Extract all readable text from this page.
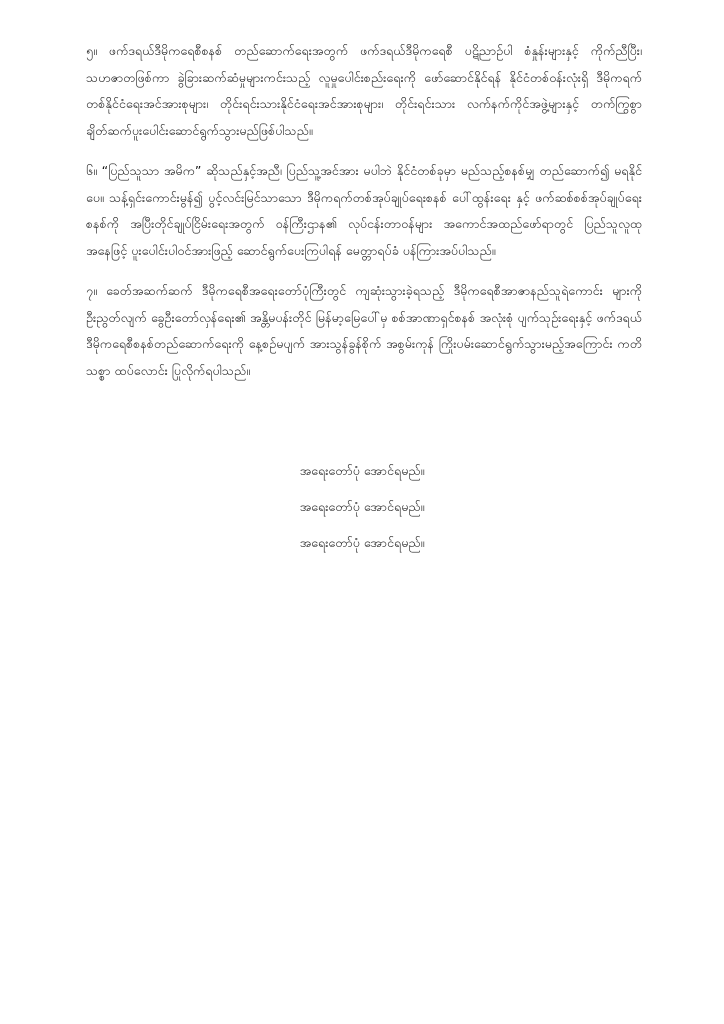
၅။ ဖက်ဒရယ်ဒီမိုကရေစီစနစ် တည်ဆောက်ရေးအတွက် ဖက်ဒရယ်ဒီမိုကရေစီ ပဋိညာဉ်ပါ စံနှုန်းများနှင့် ကိုက်ညီပြီး၊ သဟဇာတဖြစ်ကာ ခွဲခြားဆက်ဆံမှုများကင်းသည့် လူမှုပေါင်းစည်းရေးကို ဖော်ဆောင်နိုင်ရန် နိုင်ငံတစ်ဝန်းလုံးရှိ ဒီမိုကရက်တစ်နိုင်ငံရေးအင်အားစုများ၊ တိုင်းရင်းသားနိုင်ငံရေးအင်အားစုများ၊ တိုင်းရင်းသား လက်နက်ကိုင်အဖွဲ့များနှင့် တက်ကြွစွာ ချိတ်ဆက်ပူးပေါင်းဆောင်ရွက်သွားမည်ဖြစ်ပါသည်။

၆။ “ပြည်သူသာ အမိက” ဆိုသည်နှင့်အညီ၊ ပြည်သူ့အင်အား မပါဘဲ နိုင်ငံတစ်ခုမှာ မည်သည့်စနစ်မျှ တည်ဆောက်၍ မရနိုင်ပေ။ သန့်ရှင်းကောင်းမွန်၍ ပွင့်လင်းမြင်သာသော ဒီမိုကရက်တစ်အုပ်ချုပ်ရေးစနစ် ပေါ်ထွန်းရေး နှင့် ဖက်ဆစ်စစ်အုပ်ချုပ်ရေးစနစ်ကို အပြီးတိုင်ချုပ်ငြိမ်းရေးအတွက် ဝန်ကြီးဌာန၏ လုပ်ငန်းတာဝန်များ အကောင်အထည်ဖော်ရာတွင် ပြည်သူလူထုအနေဖြင့် ပူးပေါင်းပါဝင်အားဖြည့် ဆောင်ရွက်ပေးကြပါရန် မေတ္တာရပ်ခံ ပန်ကြားအပ်ပါသည်။

၇။ ခေတ်အဆက်ဆက် ဒီမိုကရေစီအရေးတော်ပုံကြီးတွင် ကျဆုံးသွားခဲ့ရသည့် ဒီမိုကရေစီအာဇာနည်သူရဲကောင်း များကို ဦးညွတ်လျက် ခွေဦးတော်လှန်ရေး၏ အန္တိမပန်းတိုင် မြန်မာ့မြေပေါ်မှ စစ်အာဏာရှင်စနစ် အလုံးစုံ ပျက်သုဉ်းရေးနှင့် ဖက်ဒရယ်ဒီမိုကရေစီစနစ်တည်ဆောက်ရေးကို နေ့စဉ်မပျက် အားသွန်ခွန်စိုက် အစွမ်းကုန် ကြိုးပမ်းဆောင်ရွက်သွားမည့်အကြောင်း ကတိသစ္စာ ထပ်လောင်း ပြုလိုက်ရပါသည်။

အရေးတော်ပုံ အောင်ရမည်။
အရေးတော်ပုံ အောင်ရမည်။
အရေးတော်ပုံ အောင်ရမည်။
